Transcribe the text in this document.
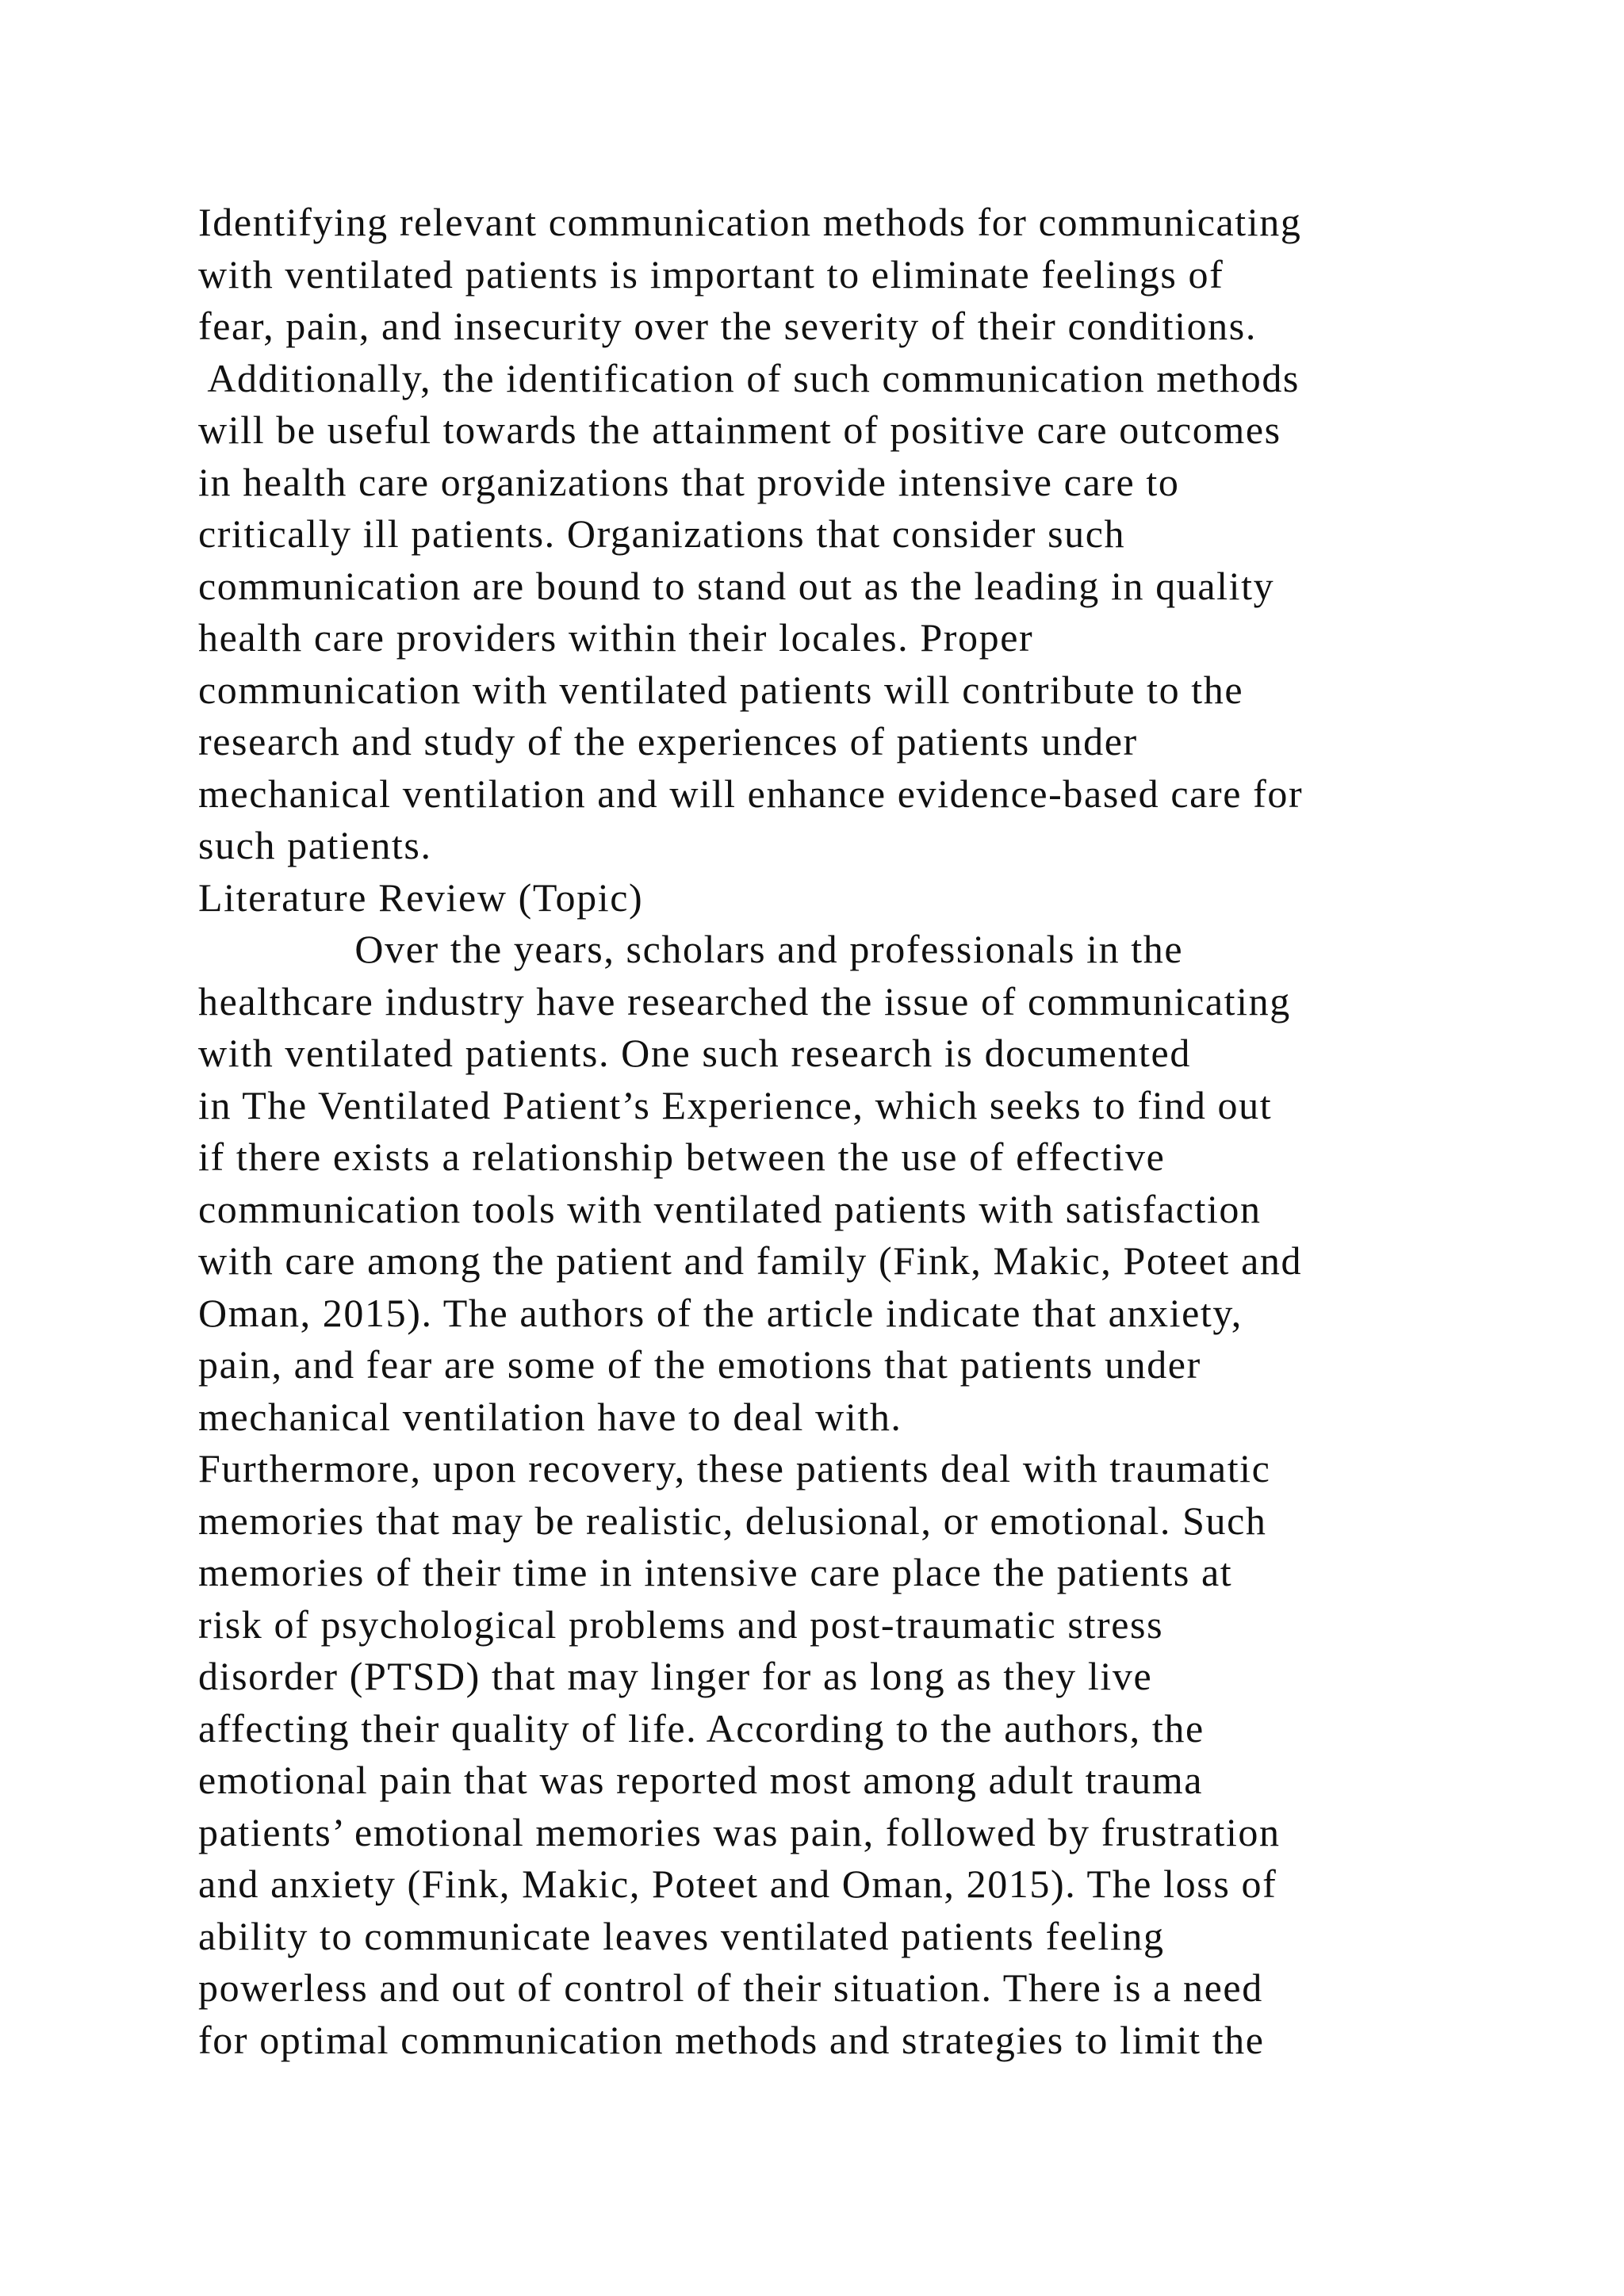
Identifying relevant communication methods for communicating
with ventilated patients is important to eliminate feelings of
fear, pain, and insecurity over the severity of their conditions.
Additionally, the identification of such communication methods
will be useful towards the attainment of positive care outcomes
in health care organizations that provide intensive care to
critically ill patients. Organizations that consider such
communication are bound to stand out as the leading in quality
health care providers within their locales. Proper
communication with ventilated patients will contribute to the
research and study of the experiences of patients under
mechanical ventilation and will enhance evidence-based care for
such patients.
Literature Review (Topic)
Over the years, scholars and professionals in the
healthcare industry have researched the issue of communicating
with ventilated patients. One such research is documented
in The Ventilated Patient’s Experience, which seeks to find out
if there exists a relationship between the use of effective
communication tools with ventilated patients with satisfaction
with care among the patient and family (Fink, Makic, Poteet and
Oman, 2015). The authors of the article indicate that anxiety,
pain, and fear are some of the emotions that patients under
mechanical ventilation have to deal with.
Furthermore, upon recovery, these patients deal with traumatic
memories that may be realistic, delusional, or emotional. Such
memories of their time in intensive care place the patients at
risk of psychological problems and post-traumatic stress
disorder (PTSD) that may linger for as long as they live
affecting their quality of life. According to the authors, the
emotional pain that was reported most among adult trauma
patients’ emotional memories was pain, followed by frustration
and anxiety (Fink, Makic, Poteet and Oman, 2015). The loss of
ability to communicate leaves ventilated patients feeling
powerless and out of control of their situation. There is a need
for optimal communication methods and strategies to limit the
